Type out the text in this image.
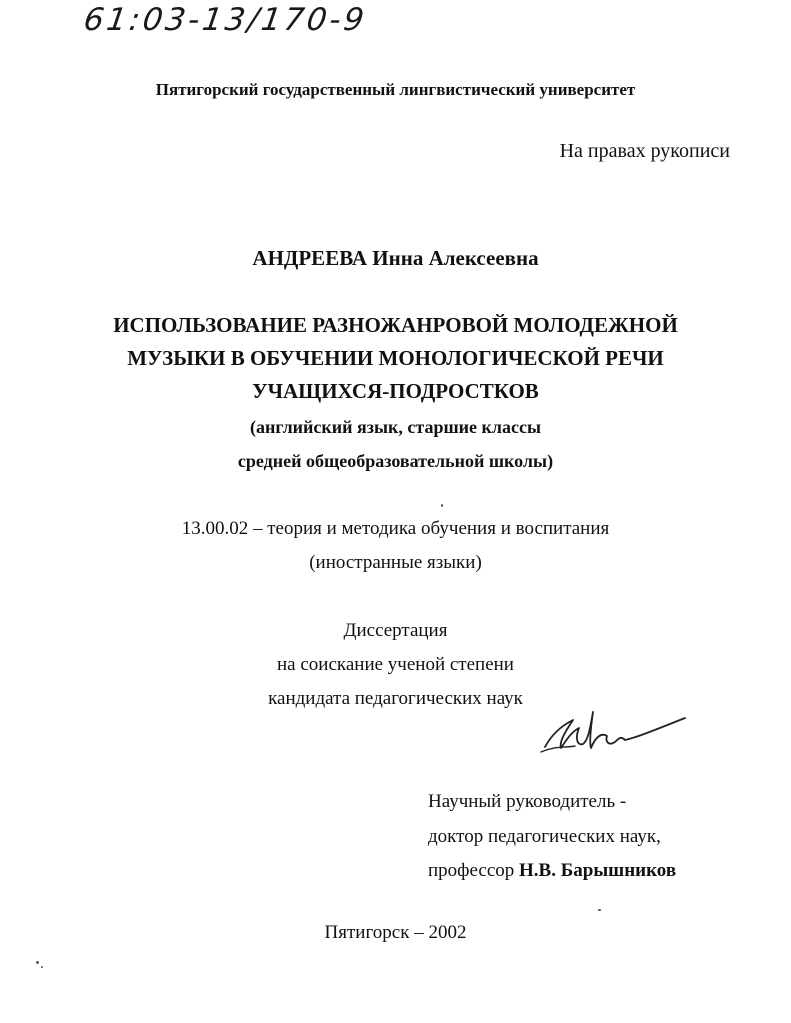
61:03-13/170-9
Пятигорский государственный лингвистический университет
На правах рукописи
АНДРЕЕВА Инна Алексеевна
ИСПОЛЬЗОВАНИЕ РАЗНОЖАНРОВОЙ МОЛОДЕЖНОЙ
МУЗЫКИ В ОБУЧЕНИИ МОНОЛОГИЧЕСКОЙ РЕЧИ
УЧАЩИХСЯ-ПОДРОСТКОВ
(английский язык, старшие классы
средней общеобразовательной школы)
13.00.02 – теория и методика обучения и воспитания
(иностранные языки)
Диссертация
на соискание ученой степени
кандидата педагогических наук
Научный руководитель -
доктор педагогических наук,
профессор Н.В. Барышников
Пятигорск – 2002
